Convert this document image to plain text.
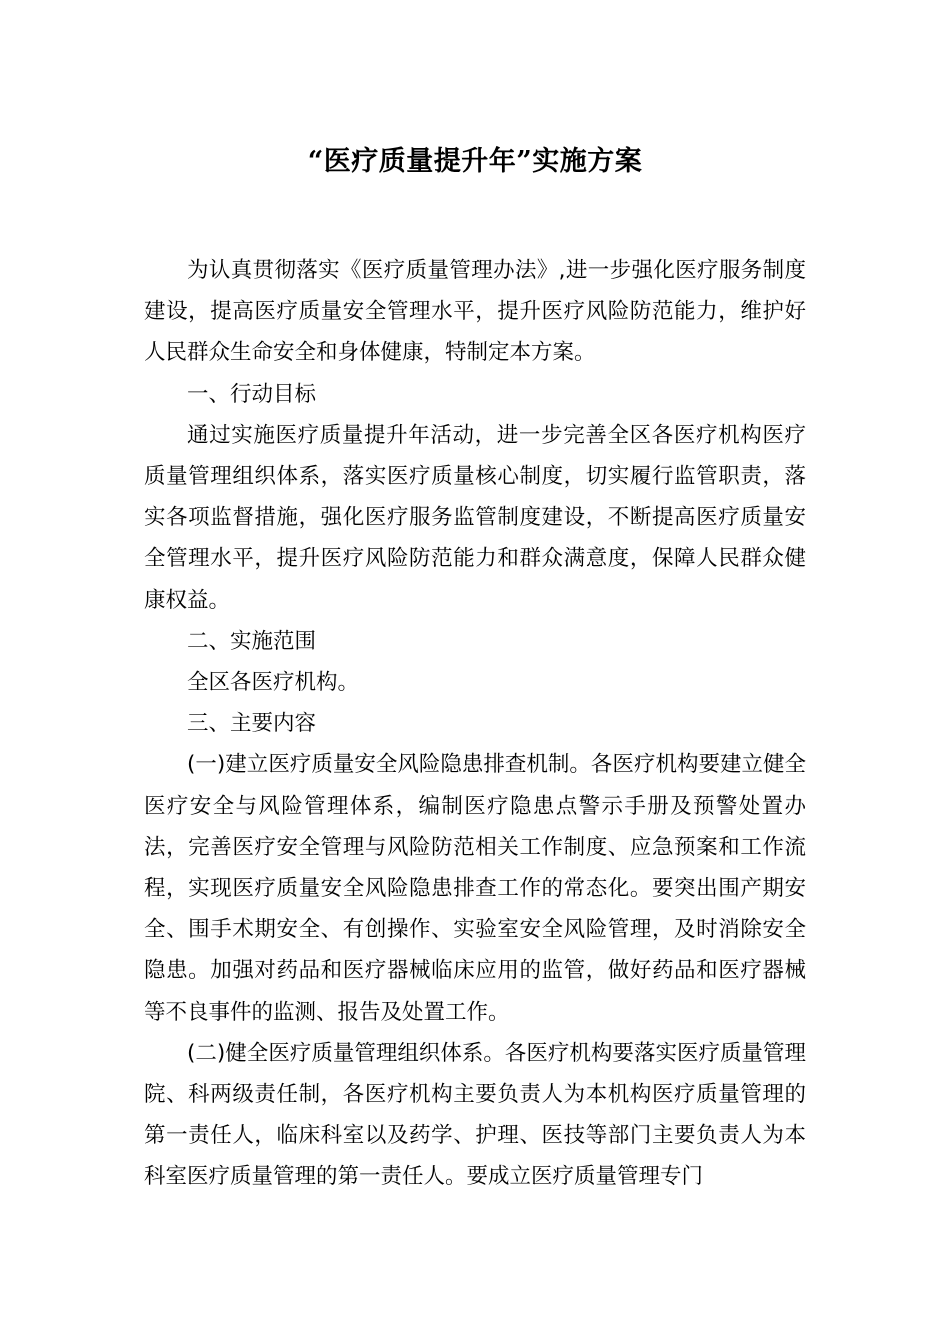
“医疗质量提升年”实施方案

为认真贯彻落实《医疗质量管理办法》,进一步强化医疗服务制度建设，提高医疗质量安全管理水平，提升医疗风险防范能力，维护好人民群众生命安全和身体健康，特制定本方案。

一、行动目标

通过实施医疗质量提升年活动，进一步完善全区各医疗机构医疗质量管理组织体系，落实医疗质量核心制度，切实履行监管职责，落实各项监督措施，强化医疗服务监管制度建设，不断提高医疗质量安全管理水平，提升医疗风险防范能力和群众满意度，保障人民群众健康权益。

二、实施范围

全区各医疗机构。

三、主要内容

(一)建立医疗质量安全风险隐患排查机制。各医疗机构要建立健全医疗安全与风险管理体系，编制医疗隐患点警示手册及预警处置办法，完善医疗安全管理与风险防范相关工作制度、应急预案和工作流程，实现医疗质量安全风险隐患排查工作的常态化。要突出围产期安全、围手术期安全、有创操作、实验室安全风险管理，及时消除安全隐患。加强对药品和医疗器械临床应用的监管，做好药品和医疗器械等不良事件的监测、报告及处置工作。

(二)健全医疗质量管理组织体系。各医疗机构要落实医疗质量管理院、科两级责任制，各医疗机构主要负责人为本机构医疗质量管理的第一责任人，临床科室以及药学、护理、医技等部门主要负责人为本科室医疗质量管理的第一责任人。要成立医疗质量管理专门
